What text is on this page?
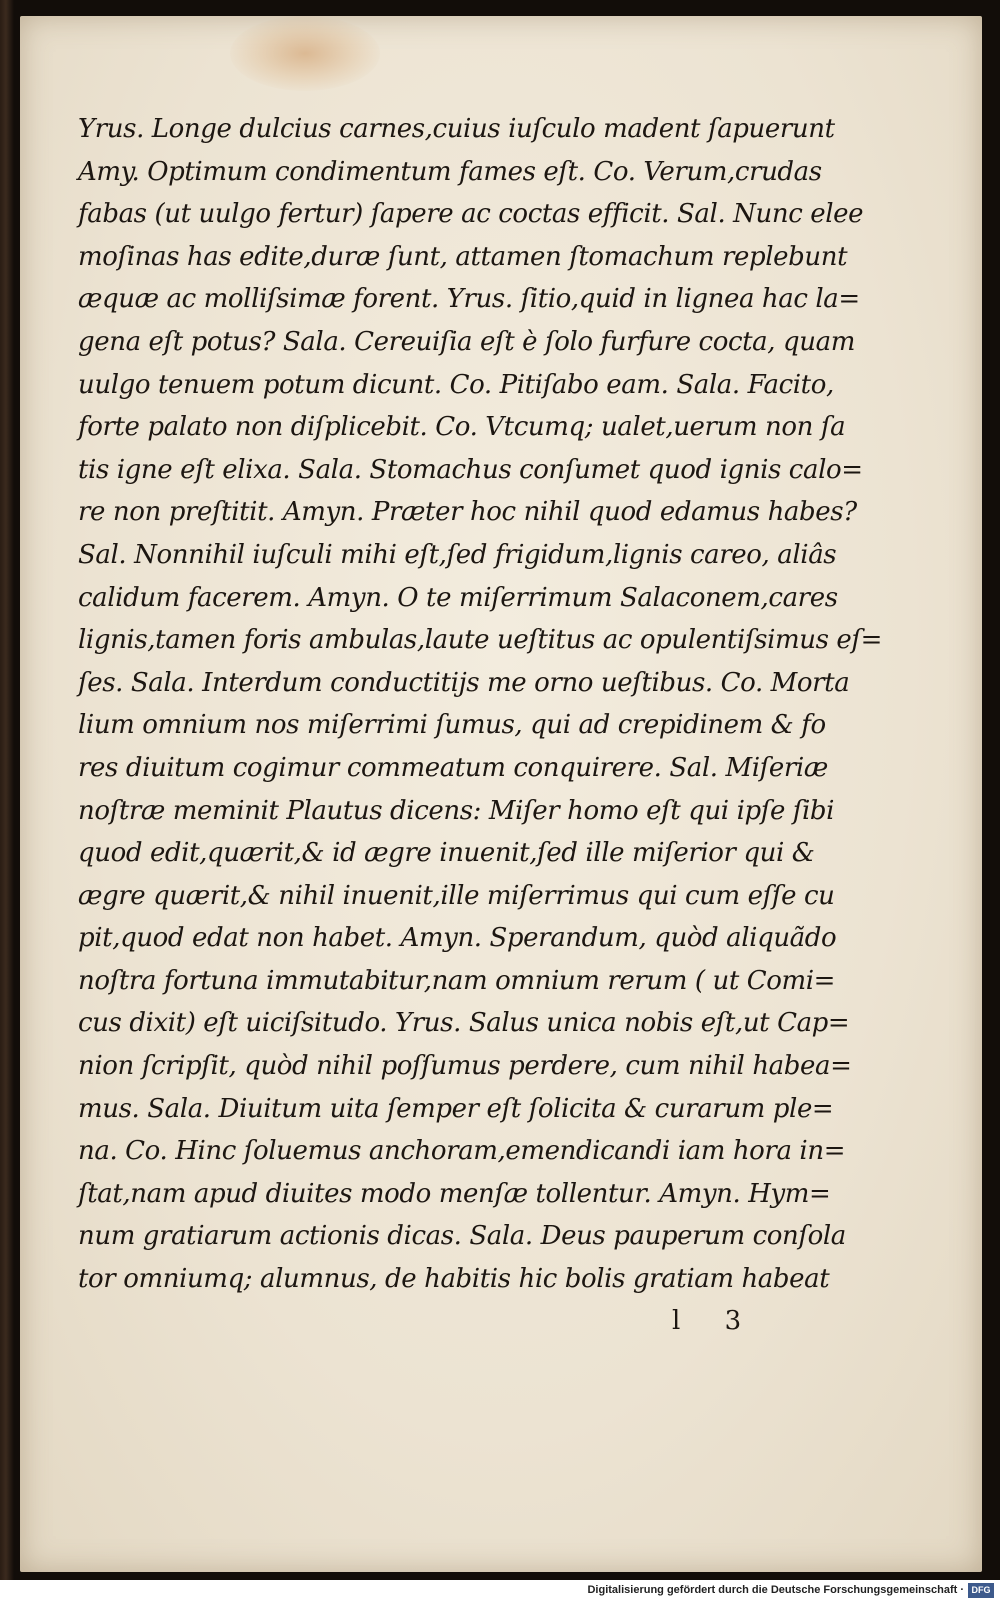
Yrus. Longe dulcius carnes,cuius iuſculo madent ſapuerunt
Amy. Optimum condimentum fames eſt. Co. Verum,crudas
fabas (ut uulgo fertur) ſapere ac coctas efficit. Sal. Nunc elee
moſinas has edite,duræ ſunt, attamen ſtomachum replebunt
æquæ ac molliſsimæ forent. Yrus. ſitio,quid in lignea hac la=
gena eſt potus? Sala. Cereuiſia eſt è ſolo furfure cocta, quam
uulgo tenuem potum dicunt. Co. Pitiſabo eam. Sala. Facito,
forte palato non diſplicebit. Co. Vtcumq; ualet,uerum non ſa
tis igne eſt elixa. Sala. Stomachus conſumet quod ignis calo=
re non preſtitit. Amyn. Præter hoc nihil quod edamus habes?
Sal. Nonnihil iuſculi mihi eſt,ſed frigidum,lignis careo, aliâs
calidum facerem. Amyn. O te miſerrimum Salaconem,cares
lignis,tamen foris ambulas,laute ueſtitus ac opulentiſsimus eſ=
ſes. Sala. Interdum conductitijs me orno ueſtibus. Co. Morta
lium omnium nos miſerrimi ſumus, qui ad crepidinem & fo
res diuitum cogimur commeatum conquirere. Sal. Miſeriæ
noſtræ meminit Plautus dicens: Miſer homo eſt qui ipſe ſibi
quod edit,quærit,& id ægre inuenit,ſed ille miſerior qui &
ægre quærit,& nihil inuenit,ille miſerrimus qui cum eſſe cu
pit,quod edat non habet. Amyn. Sperandum, quòd aliquãdo
noſtra fortuna immutabitur,nam omnium rerum ( ut Comi=
cus dixit) eſt uiciſsitudo. Yrus. Salus unica nobis eſt,ut Cap=
nion ſcripſit, quòd nihil poſſumus perdere, cum nihil habea=
mus. Sala. Diuitum uita ſemper eſt ſolicita & curarum ple=
na. Co. Hinc ſoluemus anchoram,emendicandi iam hora in=
ſtat,nam apud diuites modo menſæ tollentur. Amyn. Hym=
num gratiarum actionis dicas. Sala. Deus pauperum conſola
tor omniumq; alumnus, de habitis hic bolis gratiam habeat
l 3
Digitalisierung gefördert durch die Deutsche Forschungsgemeinschaft · DFG
